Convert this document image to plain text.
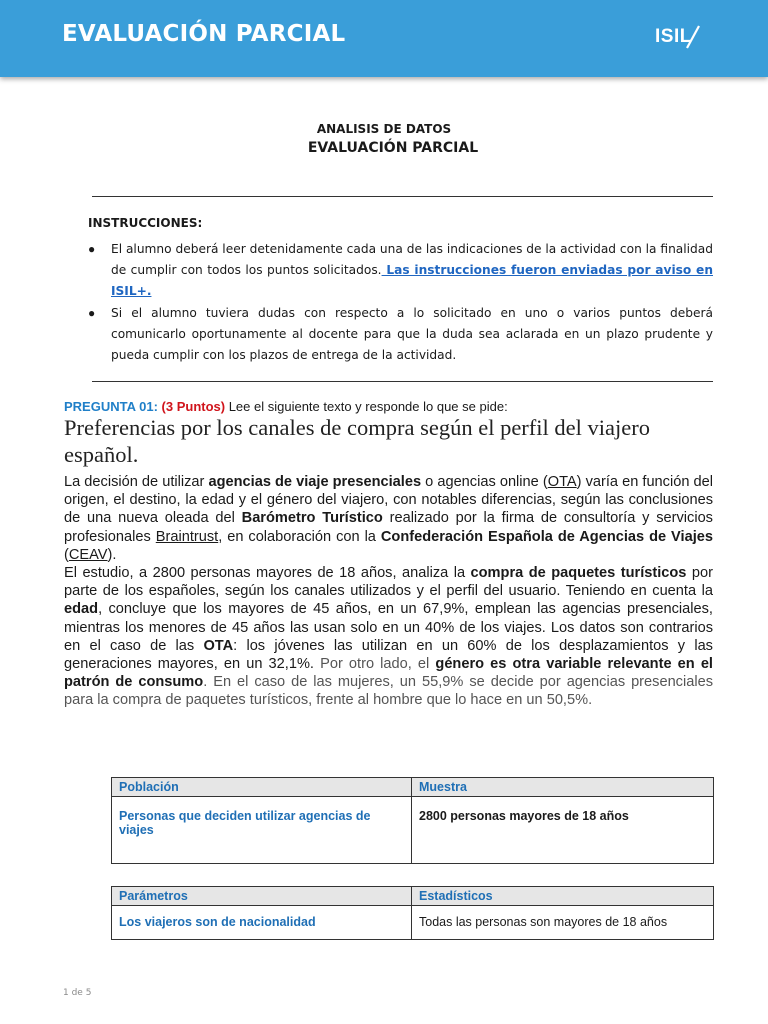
EVALUACIÓN PARCIAL	ISIL
ANALISIS DE DATOS
EVALUACIÓN PARCIAL
INSTRUCCIONES:
● El alumno deberá leer detenidamente cada una de las indicaciones de la actividad con la finalidad de cumplir con todos los puntos solicitados. Las instrucciones fueron enviadas por aviso en ISIL+.
● Si el alumno tuviera dudas con respecto a lo solicitado en uno o varios puntos deberá comunicarlo oportunamente al docente para que la duda sea aclarada en un plazo prudente y pueda cumplir con los plazos de entrega de la actividad.
PREGUNTA 01: (3 Puntos) Lee el siguiente texto y responde lo que se pide:
Preferencias por los canales de compra según el perfil del viajero español.

La decisión de utilizar agencias de viaje presenciales o agencias online (OTA) varía en función del origen, el destino, la edad y el género del viajero, con notables diferencias, según las conclusiones de una nueva oleada del Barómetro Turístico realizado por la firma de consultoría y servicios profesionales Braintrust, en colaboración con la Confederación Española de Agencias de Viajes (CEAV).

El estudio, a 2800 personas mayores de 18 años, analiza la compra de paquetes turísticos por parte de los españoles, según los canales utilizados y el perfil del usuario. Teniendo en cuenta la edad, concluye que los mayores de 45 años, en un 67,9%, emplean las agencias presenciales, mientras los menores de 45 años las usan solo en un 40% de los viajes. Los datos son contrarios en el caso de las OTA: los jóvenes las utilizan en un 60% de los desplazamientos y las generaciones mayores, en un 32,1%. Por otro lado, el género es otra variable relevante en el patrón de consumo. En el caso de las mujeres, un 55,9% se decide por agencias presenciales para la compra de paquetes turísticos, frente al hombre que lo hace en un 50,5%.

Población	Muestra
Personas que deciden utilizar agencias de viajes	2800 personas mayores de 18 años
Parámetros	Estadísticos
Los viajeros son de nacionalidad	Todas las personas son mayores de 18 años
1 de 5
